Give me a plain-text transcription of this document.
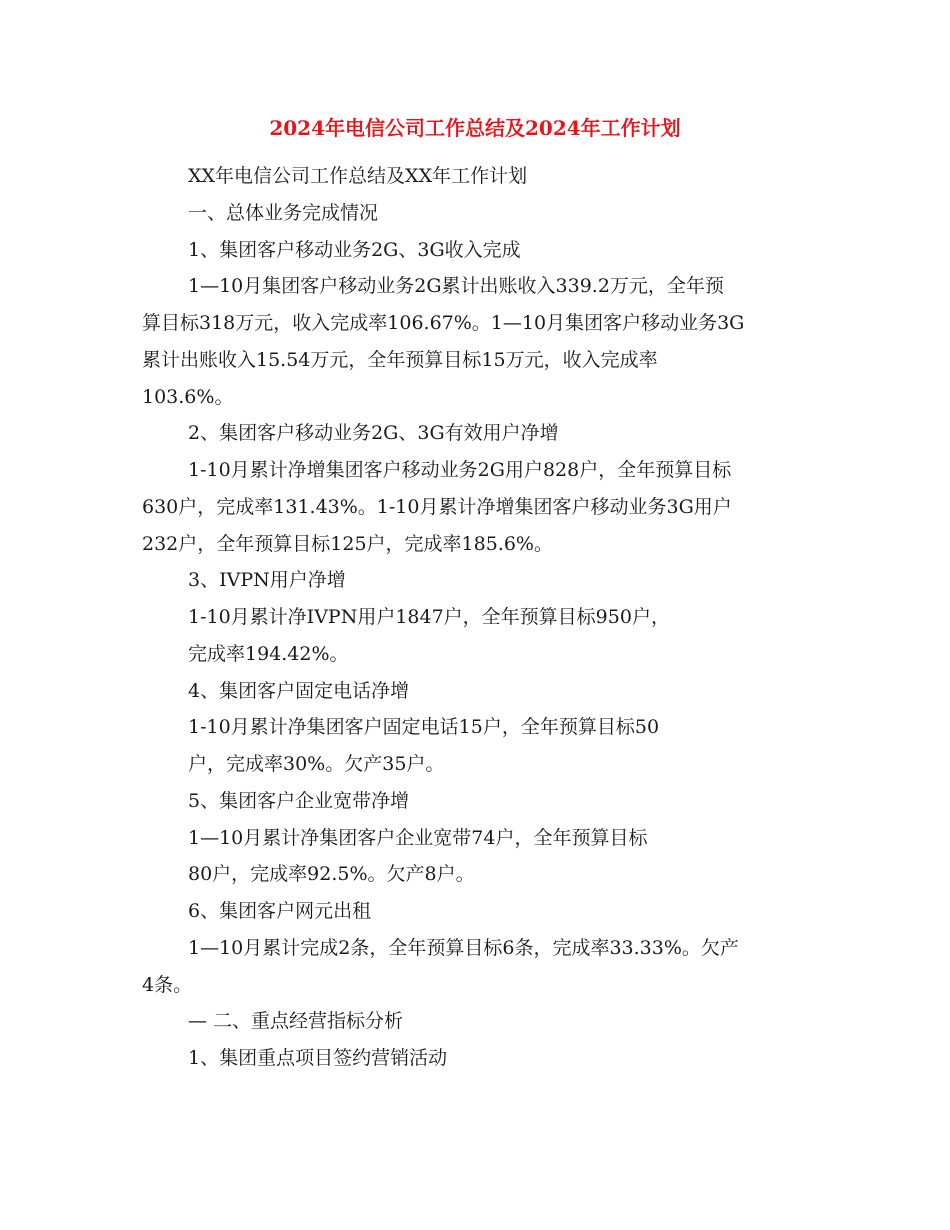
2024年电信公司工作总结及2024年工作计划

XX年电信公司工作总结及XX年工作计划

一、总体业务完成情况

1、集团客户移动业务2G、3G收入完成

1—10月集团客户移动业务2G累计出账收入339.2万元，全年预

算目标318万元，收入完成率106.67%。1—10月集团客户移动业务3G

累计出账收入15.54万元，全年预算目标15万元，收入完成率

103.6%。

2、集团客户移动业务2G、3G有效用户净增

1-10月累计净增集团客户移动业务2G用户828户，全年预算目标

630户，完成率131.43%。1-10月累计净增集团客户移动业务3G用户

232户，全年预算目标125户，完成率185.6%。

3、IVPN用户净增

1-10月累计净IVPN用户1847户，全年预算目标950户，

完成率194.42%。

4、集团客户固定电话净增

1-10月累计净集团客户固定电话15户，全年预算目标50

户，完成率30%。欠产35户。

5、集团客户企业宽带净增

1—10月累计净集团客户企业宽带74户，全年预算目标

80户，完成率92.5%。欠产8户。

6、集团客户网元出租

1—10月累计完成2条，全年预算目标6条，完成率33.33%。欠产

4条。

— 二、重点经营指标分析

1、集团重点项目签约营销活动
